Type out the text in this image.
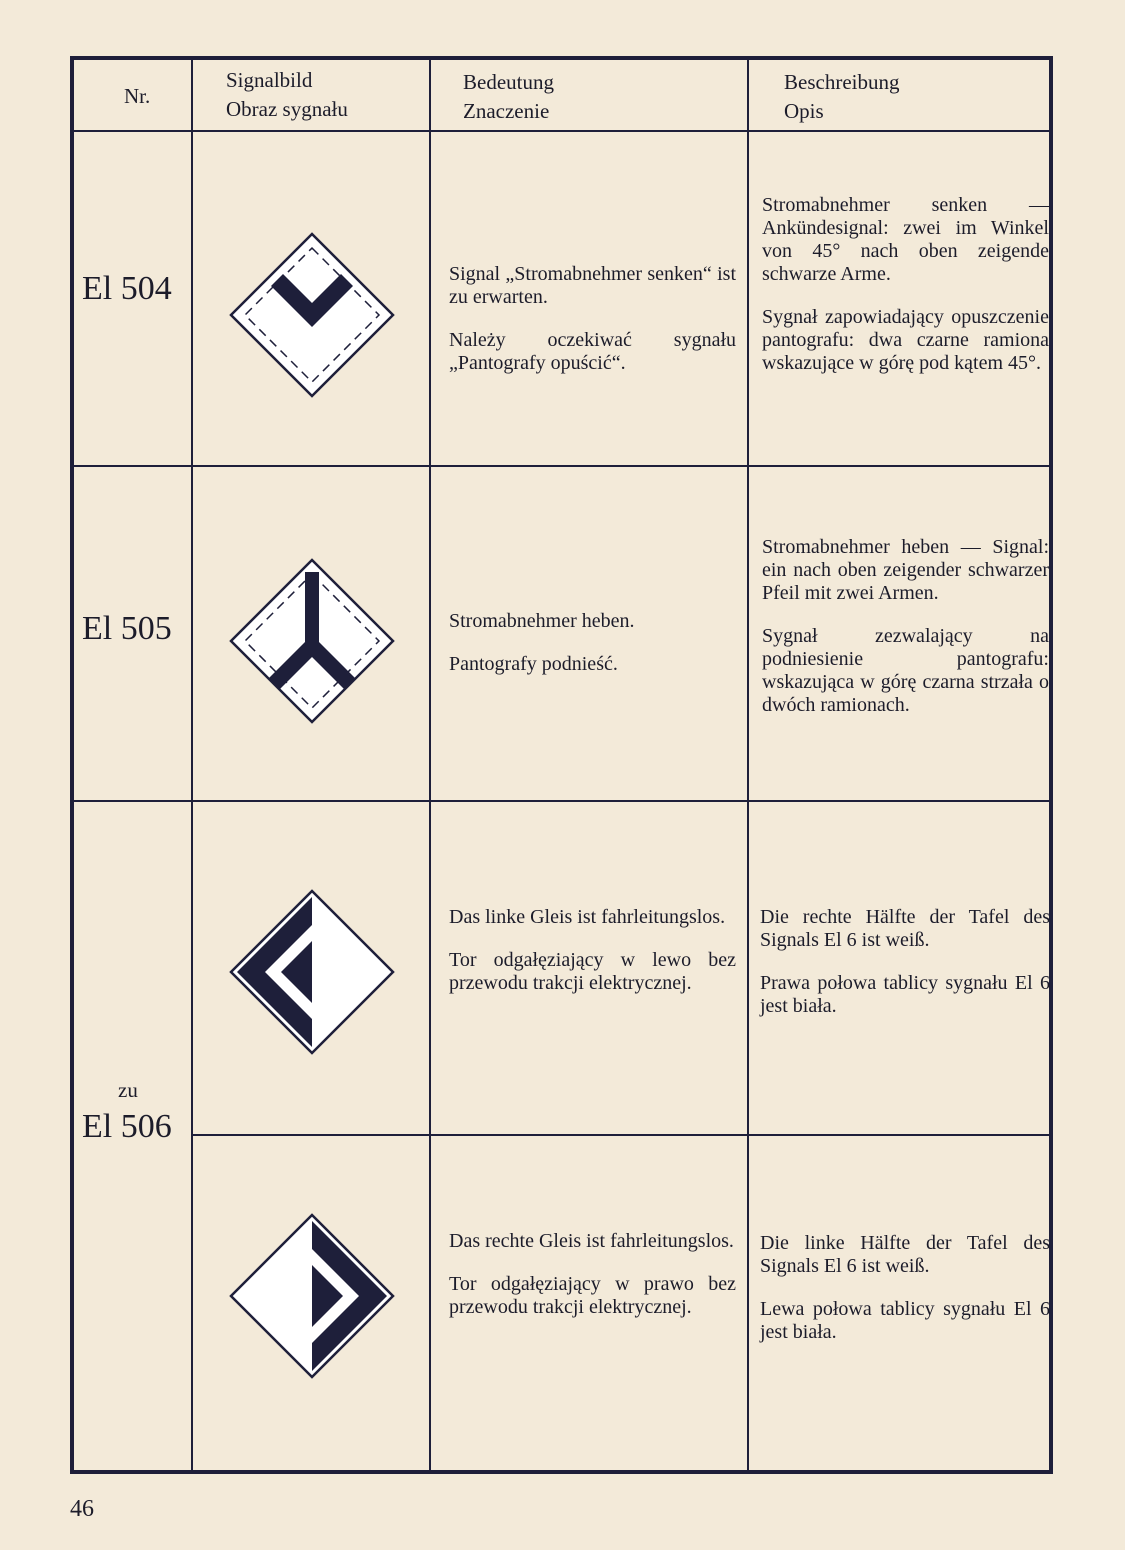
Nr.
Signalbild
Obraz sygnału
Bedeutung
Znaczenie
Beschreibung
Opis
El 504	Signal „Stromabnehmer senken“ ist zu erwarten.

Należy oczekiwać sygnału „Pantografy opuścić“.

Stromabnehmer senken — Ankündesignal: zwei im Winkel von 45° nach oben zeigende schwarze Arme.

Sygnał zapowiadający opuszczenie pantografu: dwa czarne ramiona wskazujące w górę pod kątem 45°.

El 505	Stromabnehmer heben.

Pantografy podnieść.

Stromabnehmer heben — Signal: ein nach oben zeigender schwarzer Pfeil mit zwei Armen.

Sygnał zezwalający na podniesienie pantografu: wskazująca w górę czarna strzała o dwóch ramionach.

zu
El 506

Das linke Gleis ist fahrleitungslos.

Tor odgałęziający w lewo bez przewodu trakcji elektrycznej.

Die rechte Hälfte der Tafel des Signals El 6 ist weiß.

Prawa połowa tablicy sygnału El 6 jest biała.

Das rechte Gleis ist fahrleitungslos.

Tor odgałęziający w prawo bez przewodu trakcji elektrycznej.

Die linke Hälfte der Tafel des Signals El 6 ist weiß.

Lewa połowa tablicy sygnału El 6 jest biała.

46
